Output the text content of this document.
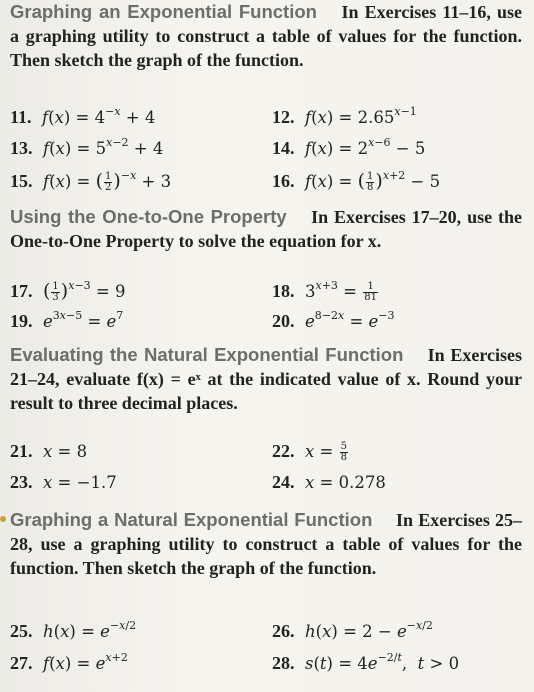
Graphing an Exponential Function  In Exercises 11–16, use a graphing utility to construct a table of values for the function. Then sketch the graph of the function.
11. $f(x) = 4^{-x} + 4$	12. $f(x) = 2.65^{x-1}$
13. $f(x) = 5^{x-2} + 4$	14. $f(x) = 2^{x-6} - 5$
15. f(x) = ( $\frac{1}{2} )^{-x} + 3$	16. f(x) = ( $\frac{1}{8} )^{x+2} - 5$
Using the One-to-One Property  In Exercises 17–20, use the One-to-One Property to solve the equation for x.
17. ( $\frac{1}{3} )^{x-3} = 9$	18. $3^{x+3} = \frac{1}{81}$
19. $e^{3x-5} = e^7$	20. $e^{8-2x} = e^{-3}$
Evaluating the Natural Exponential Function  In Exercises 21–24, evaluate f(x) = eˣ at the indicated value of x. Round your result to three decimal places.
21. x = 8	22. $x = \frac{5}{8}$
23. x = −1.7	24. x = 0.278
Graphing a Natural Exponential Function  In Exercises 25–28, use a graphing utility to construct a table of values for the function. Then sketch the graph of the function.
25. $h(x) = e^{-x/2}$	26. $h(x) = 2 - e^{-x/2}$
27. $f(x) = e^{x+2}$	28. $s(t) = 4e^{-2/t}$,  t > 0
